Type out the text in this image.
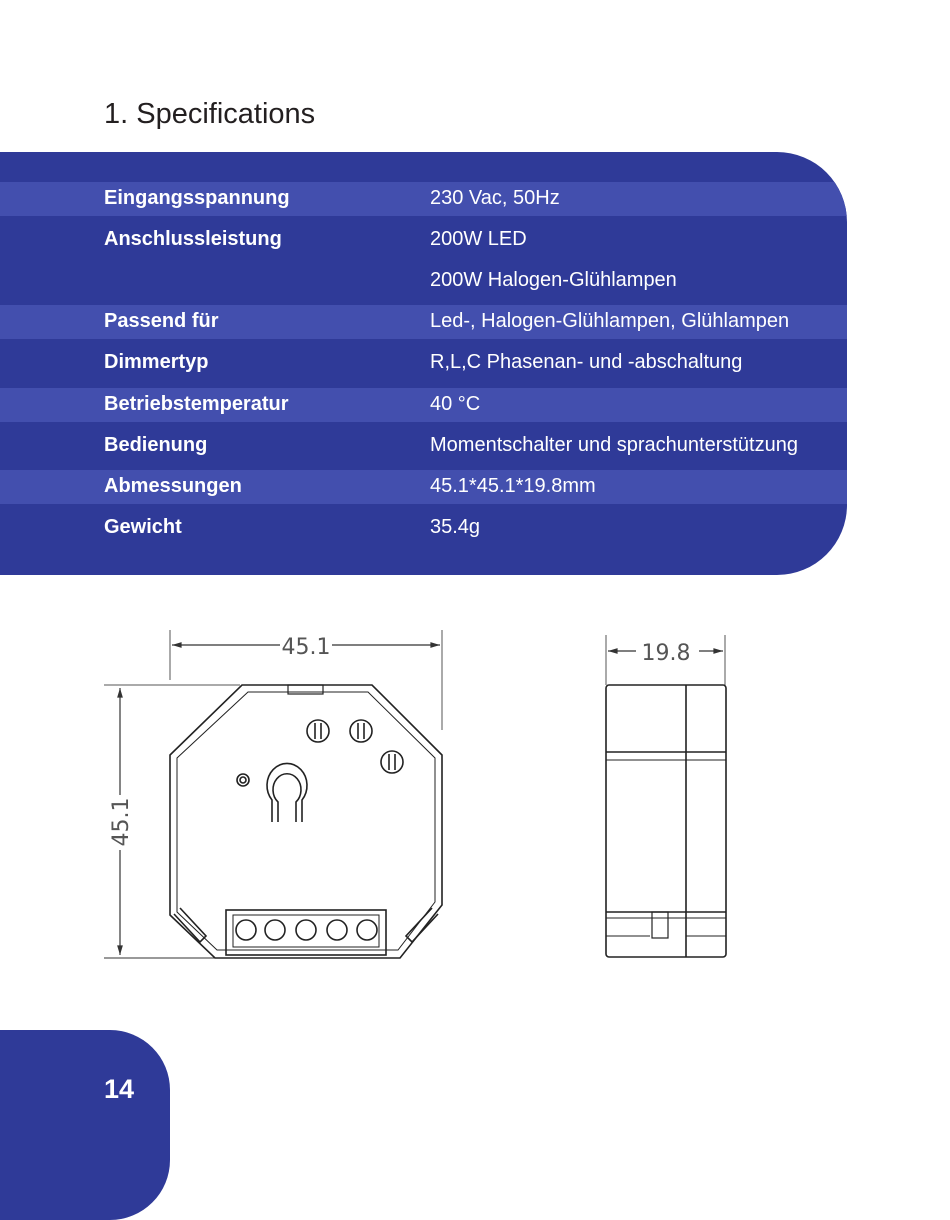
1. Specifications
Eingangsspannung	230 Vac, 50Hz
Anschlussleistung	200W LED
200W Halogen-Glühlampen
Passend für	Led-, Halogen-Glühlampen, Glühlampen
Dimmertyp	R,L,C Phasenan- und -abschaltung
Betriebstemperatur	40 °C
Bedienung	Momentschalter und sprachunterstützung
Abmessungen	45.1*45.1*19.8mm
Gewicht	35.4g
45.1
45.1
19.8
14
